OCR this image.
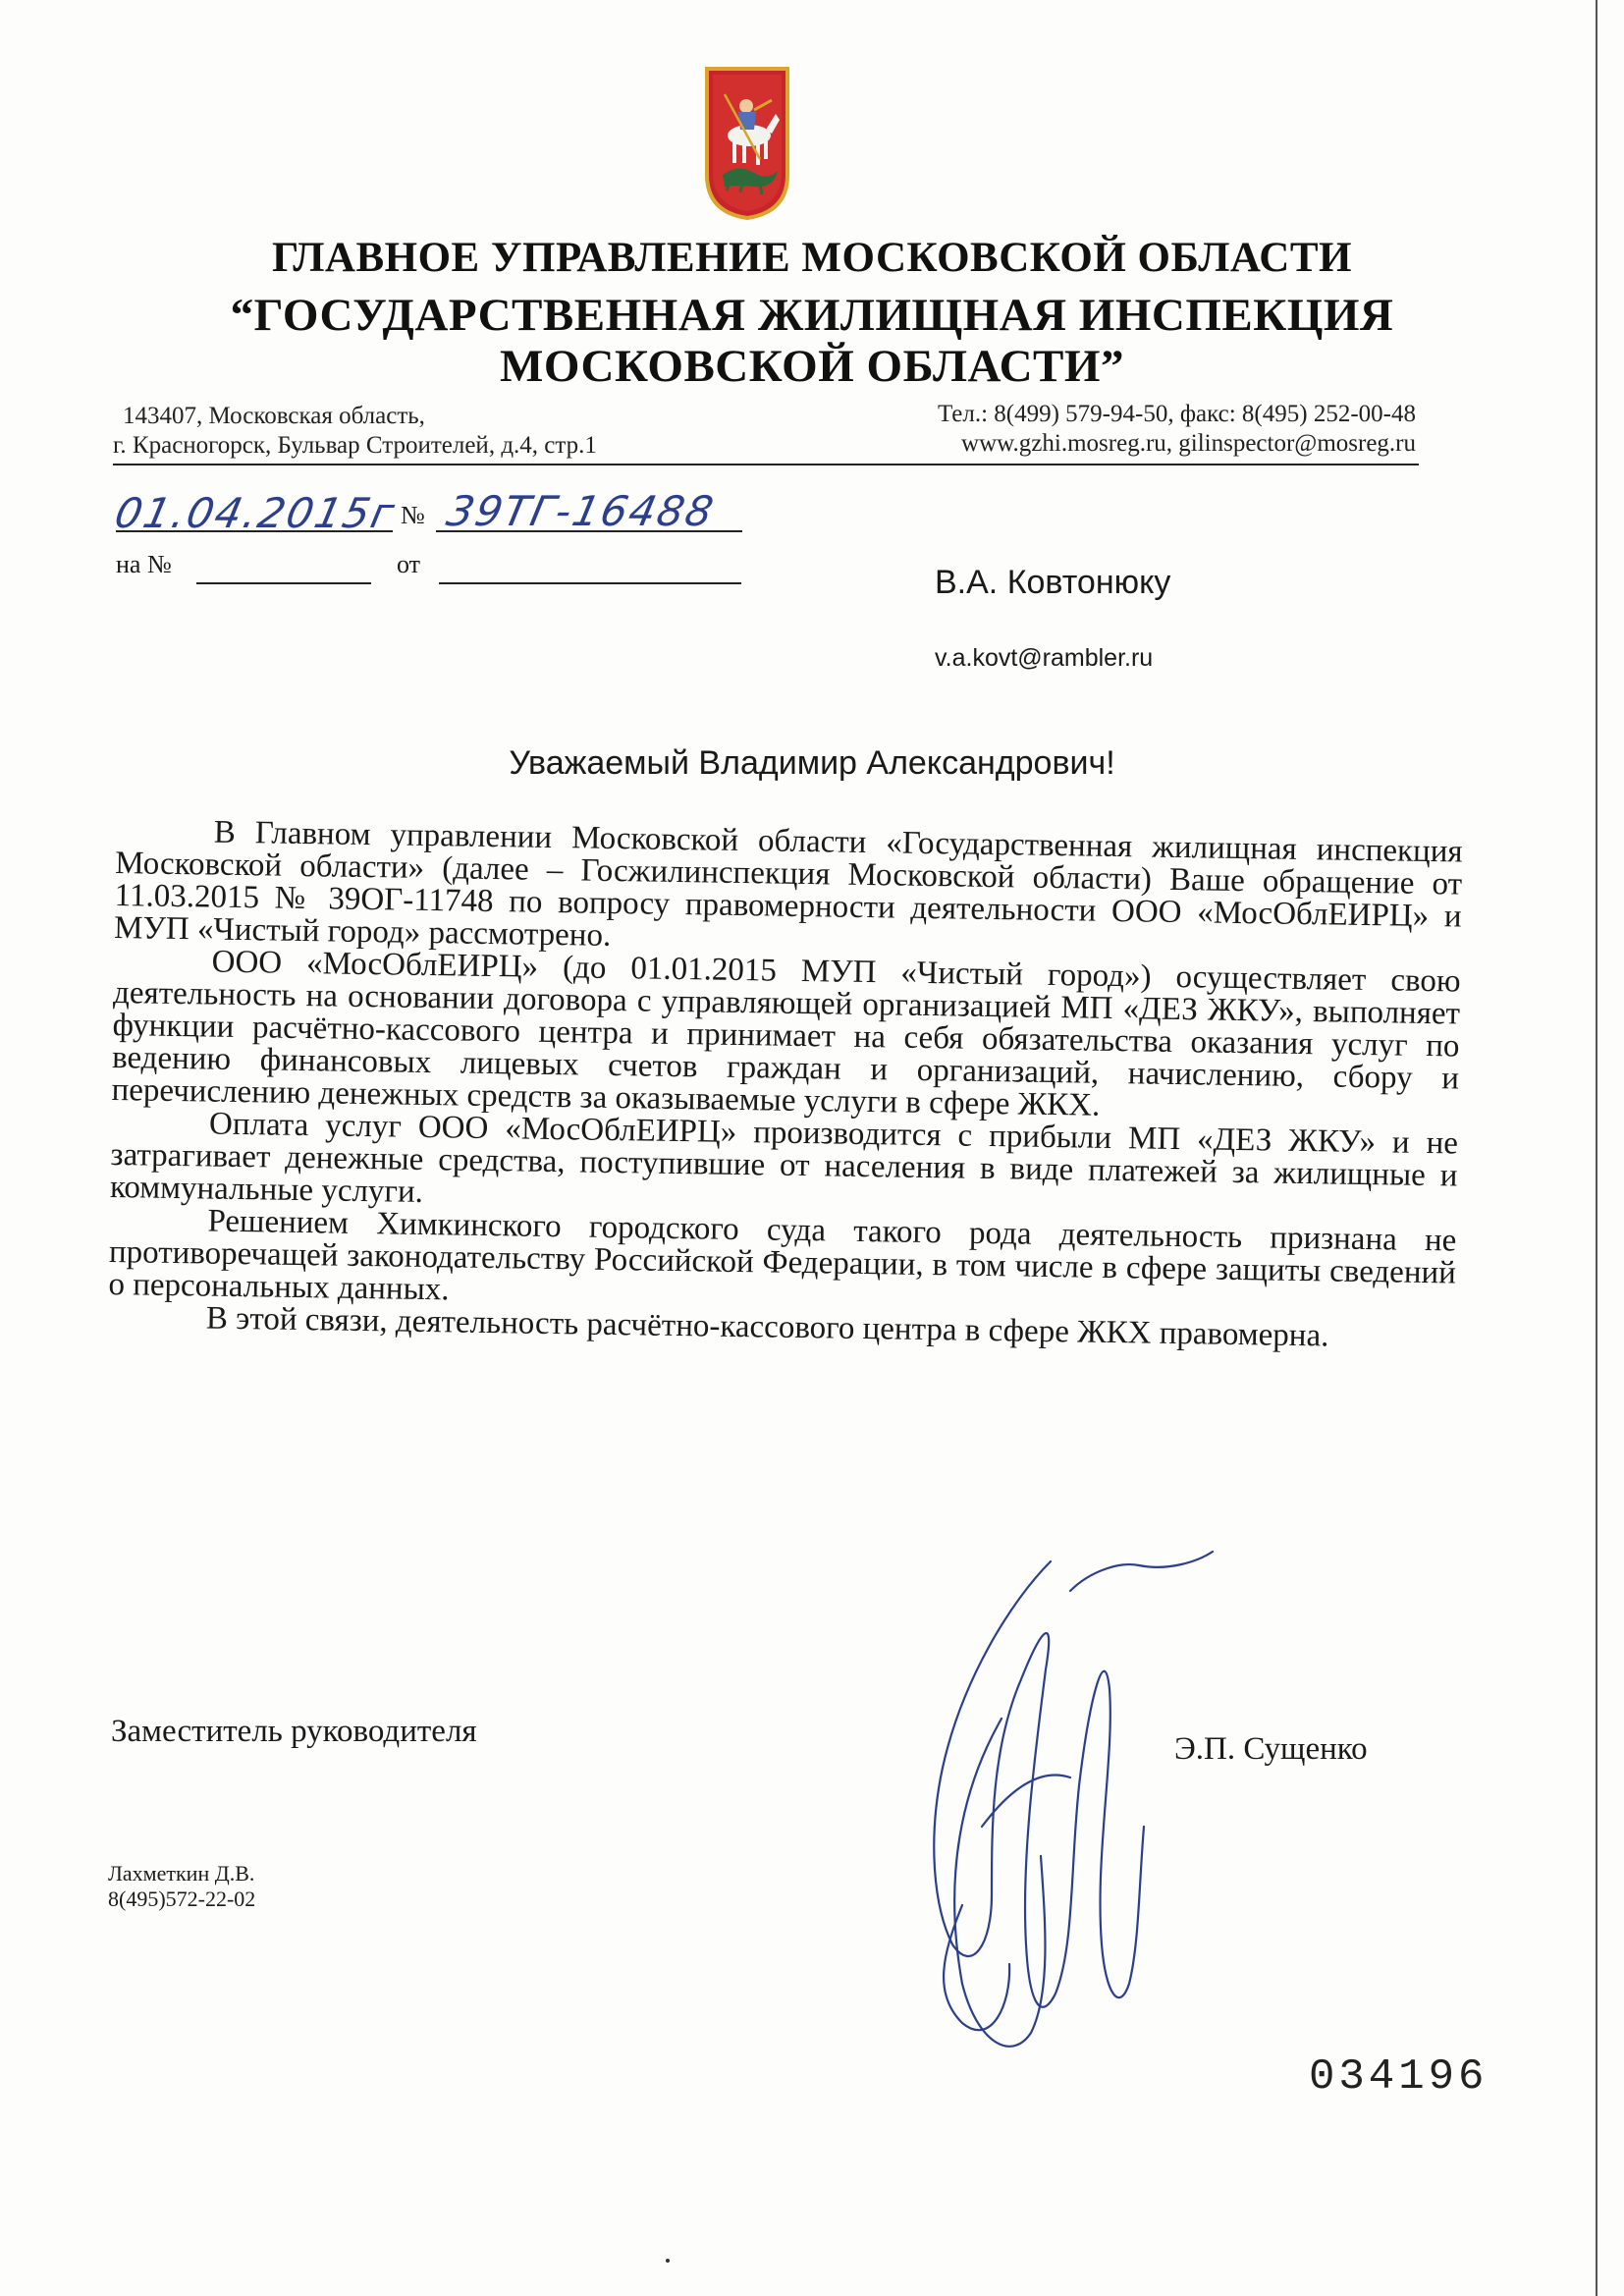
ГЛАВНОЕ УПРАВЛЕНИЕ МОСКОВСКОЙ ОБЛАСТИ
“ГОСУДАРСТВЕННАЯ ЖИЛИЩНАЯ ИНСПЕКЦИЯ
МОСКОВСКОЙ ОБЛАСТИ”
143407, Московская область,
г. Красногорск, Бульвар Строителей, д.4, стр.1
Тел.: 8(499) 579-94-50, факс: 8(495) 252-00-48
www.gzhi.mosreg.ru, gilinspector@mosreg.ru
01.04.2015г № 39ТГ-16488
на №	от	В.А. Ковтонюку
v.a.kovt@rambler.ru
Уважаемый Владимир Александрович!

В Главном управлении Московской области «Государственная жилищная инспекция Московской области» (далее – Госжилинспекция Московской области) Ваше обращение от 11.03.2015 № 39ОГ-11748 по вопросу правомерности деятельности ООО «МосОблЕИРЦ» и МУП «Чистый город» рассмотрено.

ООО «МосОблЕИРЦ» (до 01.01.2015 МУП «Чистый город») осуществляет свою деятельность на основании договора с управляющей организацией МП «ДЕЗ ЖКУ», выполняет функции расчётно-кассового центра и принимает на себя обязательства оказания услуг по ведению финансовых лицевых счетов граждан и организаций, начислению, сбору и перечислению денежных средств за оказываемые услуги в сфере ЖКХ.

Оплата услуг ООО «МосОблЕИРЦ» производится с прибыли МП «ДЕЗ ЖКУ» и не затрагивает денежные средства, поступившие от населения в виде платежей за жилищные и коммунальные услуги.

Решением Химкинского городского суда такого рода деятельность признана не противоречащей законодательству Российской Федерации, в том числе в сфере защиты сведений о персональных данных.

В этой связи, деятельность расчётно-кассового центра в сфере ЖКХ правомерна.

Заместитель руководителя	Э.П. Сущенко
Лахметкин Д.В.
8(495)572-22-02
034196
